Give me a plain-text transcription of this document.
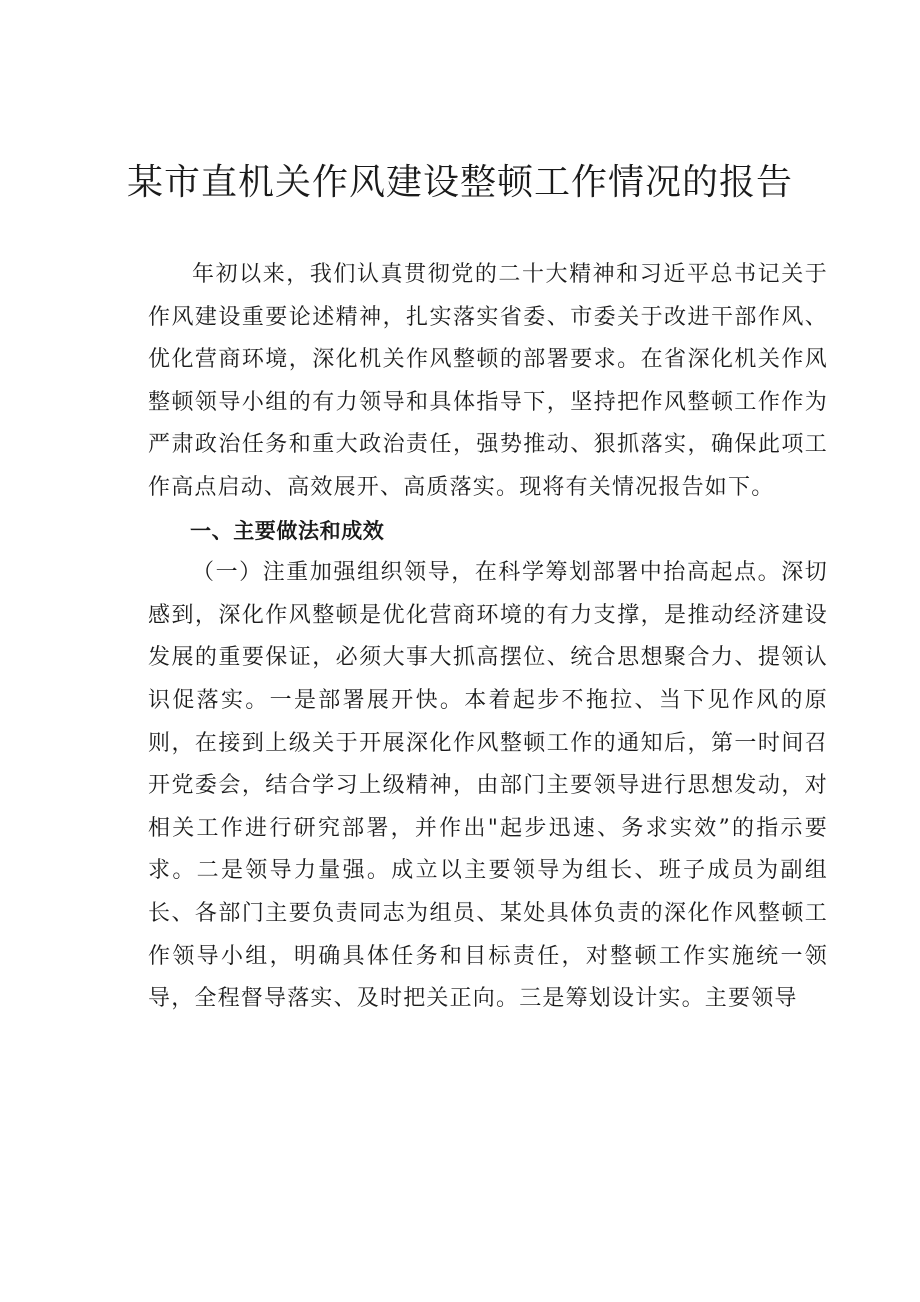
某市直机关作风建设整顿工作情况的报告

年初以来，我们认真贯彻党的二十大精神和习近平总书记关于作风建设重要论述精神，扎实落实省委、市委关于改进干部作风、优化营商环境，深化机关作风整顿的部署要求。在省深化机关作风整顿领导小组的有力领导和具体指导下，坚持把作风整顿工作作为严肃政治任务和重大政治责任，强势推动、狠抓落实，确保此项工作高点启动、高效展开、高质落实。现将有关情况报告如下。

一、主要做法和成效

（一）注重加强组织领导，在科学筹划部署中抬高起点。深切感到，深化作风整顿是优化营商环境的有力支撑，是推动经济建设发展的重要保证，必须大事大抓高摆位、统合思想聚合力、提领认识促落实。一是部署展开快。本着起步不拖拉、当下见作风的原则，在接到上级关于开展深化作风整顿工作的通知后，第一时间召开党委会，结合学习上级精神，由部门主要领导进行思想发动，对相关工作进行研究部署，并作出"起步迅速、务求实效”的指示要求。二是领导力量强。成立以主要领导为组长、班子成员为副组长、各部门主要负责同志为组员、某处具体负责的深化作风整顿工作领导小组，明确具体任务和目标责任，对整顿工作实施统一领导，全程督导落实、及时把关正向。三是筹划设计实。主要领导
